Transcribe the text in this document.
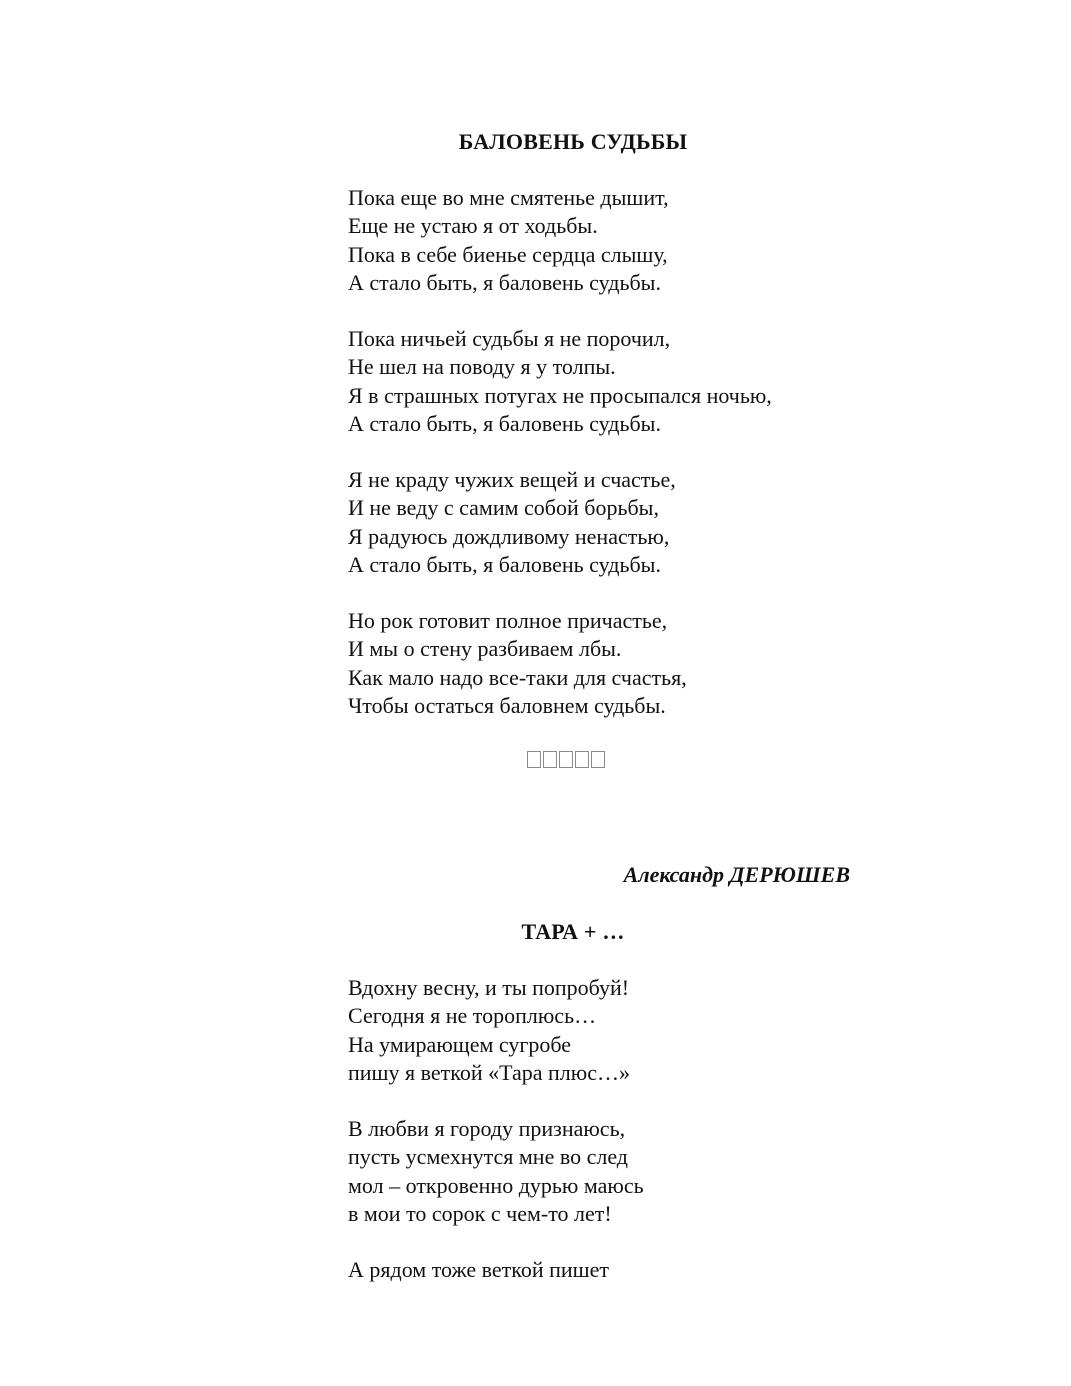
БАЛОВЕНЬ СУДЬБЫ
Пока еще во мне смятенье дышит,
Еще не устаю я от ходьбы.
Пока в себе биенье сердца слышу,
А стало быть, я баловень судьбы.
Пока ничьей судьбы я не порочил,
Не шел на поводу я у толпы.
Я в страшных потугах не просыпался ночью,
А стало быть, я баловень судьбы.
Я не краду чужих вещей и счастье,
И не веду с самим собой борьбы,
Я радуюсь дождливому ненастью,
А стало быть, я баловень судьбы.
Но рок готовит полное причастье,
И мы о стену разбиваем лбы.
Как мало надо все-таки для счастья,
Чтобы остаться баловнем судьбы.

Александр ДЕРЮШЕВ

ТАРА + …
Вдохну весну, и ты попробуй!
Сегодня я не тороплюсь…
На умирающем сугробе
пишу я веткой «Тара плюс…»
В любви я городу признаюсь,
пусть усмехнутся мне во след
мол – откровенно дурью маюсь
в мои то сорок с чем-то лет!
А рядом тоже веткой пишет
